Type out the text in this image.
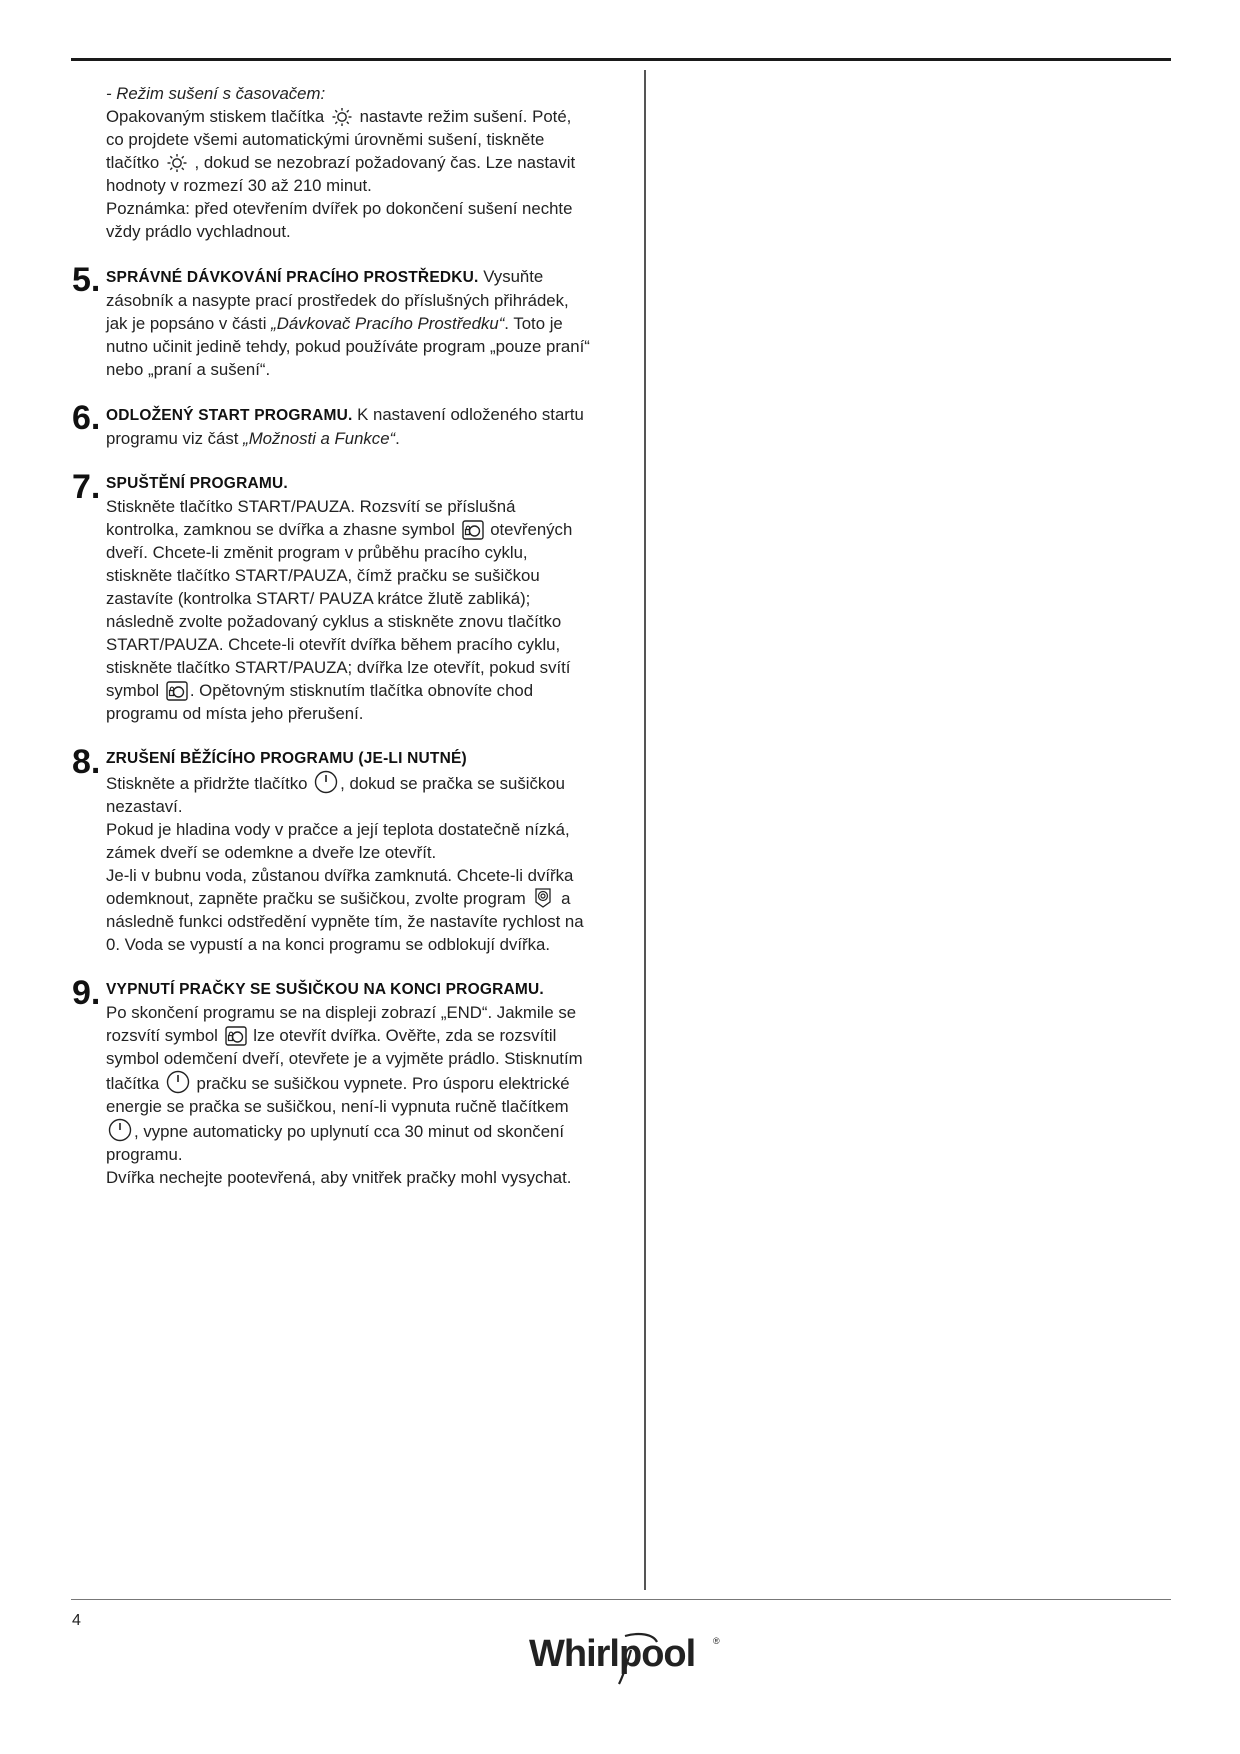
- Režim sušení s časovačem:

Opakovaným stiskem tlačítka nastavte režim sušení. Poté, co projdete všemi automatickými úrovněmi sušení, tiskněte tlačítko , dokud se nezobrazí požadovaný čas. Lze nastavit hodnoty v rozmezí 30 až 210 minut.

Poznámka: před otevřením dvířek po dokončení sušení nechte vždy prádlo vychladnout.

5. SPRÁVNÉ DÁVKOVÁNÍ PRACÍHO PROSTŘEDKU. Vysuňte zásobník a nasypte prací prostředek do příslušných přihrádek, jak je popsáno v části „Dávkovač Pracího Prostředku“. Toto je nutno učinit jedině tehdy, pokud používáte program „pouze praní“ nebo „praní a sušení“.

6. ODLOŽENÝ START PROGRAMU. K nastavení odloženého startu programu viz část „Možnosti a Funkce“.

7. SPUŠTĚNÍ PROGRAMU.

Stiskněte tlačítko START/PAUZA. Rozsvítí se příslušná kontrolka, zamknou se dvířka a zhasne symbol otevřených dveří. Chcete-li změnit program v průběhu pracího cyklu, stiskněte tlačítko START/PAUZA, čímž pračku se sušičkou zastavíte (kontrolka START/ PAUZA krátce žlutě zabliká); následně zvolte požadovaný cyklus a stiskněte znovu tlačítko START/PAUZA. Chcete-li otevřít dvířka během pracího cyklu, stiskněte tlačítko START/PAUZA; dvířka lze otevřít, pokud svítí symbol . Opětovným stisknutím tlačítka obnovíte chod programu od místa jeho přerušení.

8. ZRUŠENÍ BĚŽÍCÍHO PROGRAMU (JE-LI NUTNÉ)

Stiskněte a přidržte tlačítko , dokud se pračka se sušičkou nezastaví.

Pokud je hladina vody v pračce a její teplota dostatečně nízká, zámek dveří se odemkne a dveře lze otevřít.

Je-li v bubnu voda, zůstanou dvířka zamknutá. Chcete-li dvířka odemknout, zapněte pračku se sušičkou, zvolte program a následně funkci odstředění vypněte tím, že nastavíte rychlost na 0. Voda se vypustí a na konci programu se odblokují dvířka.

9. VYPNUTÍ PRAČKY SE SUŠIČKOU NA KONCI PROGRAMU.

Po skončení programu se na displeji zobrazí „END“. Jakmile se rozsvítí symbol lze otevřít dvířka. Ověřte, zda se rozsvítil symbol odemčení dveří, otevřete je a vyjměte prádlo. Stisknutím tlačítka pračku se sušičkou vypnete. Pro úsporu elektrické energie se pračka se sušičkou, není-li vypnuta ručně tlačítkem
, vypne automaticky po uplynutí cca 30 minut od skončení programu.

Dvířka nechejte pootevřená, aby vnitřek pračky mohl vysychat.

4
Whirlpool ®
